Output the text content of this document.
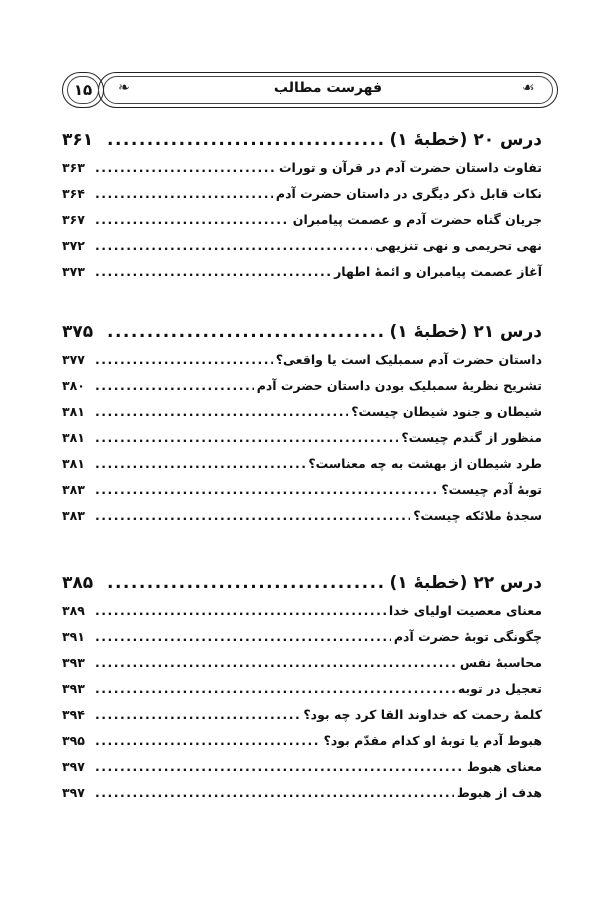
❧	☙
فهرست مطالب
۱۵
درس ۲۰ (خطبهٔ ۱)
.....
۳۶۱
تفاوت داستان حضرت آدم در قرآن و تورات
.....
۳۶۳
نکات قابل ذکر دیگری در داستان حضرت آدم
.....
۳۶۴
جریان گناه حضرت آدم و عصمت پیامبران
.....
۳۶۷
نهی تحریمی و نهی تنزیهی
.....
۳۷۲
آغاز عصمت پیامبران و ائمهٔ اطهار
.....
۳۷۳
درس ۲۱ (خطبهٔ ۱)
.....
۳۷۵
داستان حضرت آدم سمبلیک است یا واقعی؟
.....
۳۷۷
تشریح نظریهٔ سمبلیک بودن داستان حضرت آدم
.....
۳۸۰
شیطان و جنود شیطان چیست؟
.....
۳۸۱
منظور از گندم چیست؟
.....
۳۸۱
طرد شیطان از بهشت به چه معناست؟
.....
۳۸۱
توبهٔ آدم چیست؟
.....
۳۸۳
سجدهٔ ملائکه چیست؟
.....
۳۸۳
درس ۲۲ (خطبهٔ ۱)
.....
۳۸۵
معنای معصیت اولیای خدا
.....
۳۸۹
چگونگی توبهٔ حضرت آدم
.....
۳۹۱
محاسبهٔ نفس
.....
۳۹۳
تعجیل در توبه
.....
۳۹۳
کلمهٔ رحمت که خداوند القا کرد چه بود؟
.....
۳۹۴
هبوط آدم یا توبهٔ او کدام مقدّم بود؟
.....
۳۹۵
معنای هبوط
.....
۳۹۷
هدف از هبوط
.....
۳۹۷
